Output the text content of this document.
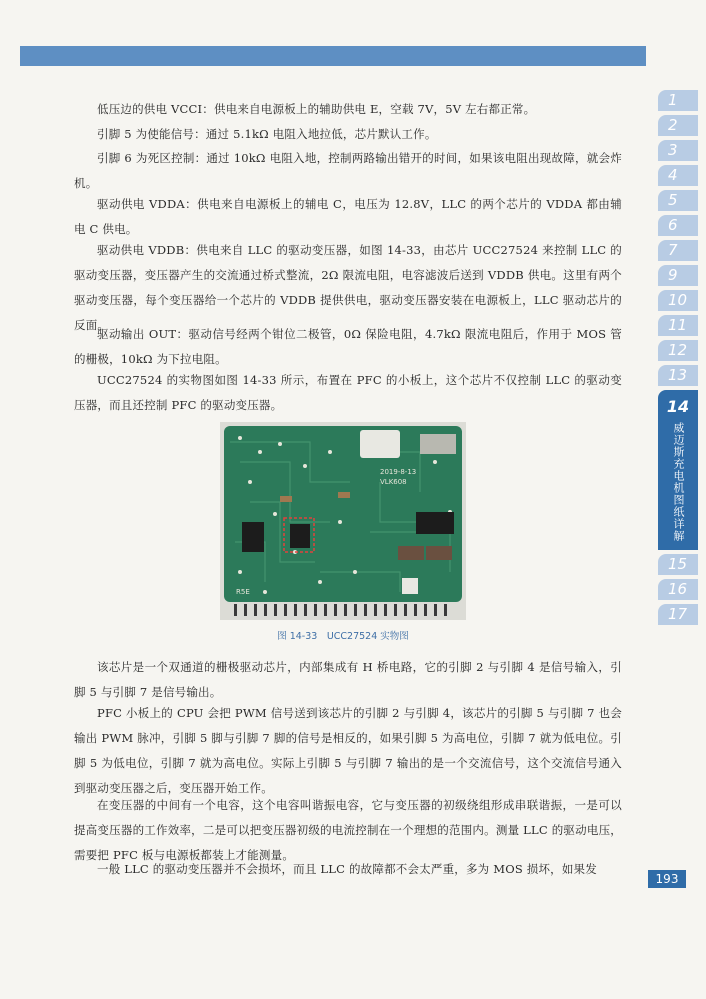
低压边的供电 VCCI：供电来自电源板上的辅助供电 E，空载 7V，5V 左右都正常。

引脚 5 为使能信号：通过 5.1kΩ 电阻入地拉低，芯片默认工作。

引脚 6 为死区控制：通过 10kΩ 电阻入地，控制两路输出错开的时间，如果该电阻出现故障，就会炸机。

驱动供电 VDDA：供电来自电源板上的辅电 C，电压为 12.8V，LLC 的两个芯片的 VDDA 都由辅电 C 供电。

驱动供电 VDDB：供电来自 LLC 的驱动变压器，如图 14-33，由芯片 UCC27524 来控制 LLC 的驱动变压器，变压器产生的交流通过桥式整流，2Ω 限流电阻，电容滤波后送到 VDDB 供电。这里有两个驱动变压器，每个变压器给一个芯片的 VDDB 提供供电，驱动变压器安装在电源板上，LLC 驱动芯片的反面。

驱动输出 OUT：驱动信号经两个钳位二极管，0Ω 保险电阻，4.7kΩ 限流电阻后，作用于 MOS 管的栅极，10kΩ 为下拉电阻。

UCC27524 的实物图如图 14-33 所示，布置在 PFC 的小板上，这个芯片不仅控制 LLC 的驱动变压器，而且还控制 PFC 的驱动变压器。

2019-8-13
VLK608
R5E
图 14-33　UCC27524 实物图

该芯片是一个双通道的栅极驱动芯片，内部集成有 H 桥电路，它的引脚 2 与引脚 4 是信号输入，引脚 5 与引脚 7 是信号输出。

PFC 小板上的 CPU 会把 PWM 信号送到该芯片的引脚 2 与引脚 4，该芯片的引脚 5 与引脚 7 也会输出 PWM 脉冲，引脚 5 脚与引脚 7 脚的信号是相反的，如果引脚 5 为高电位，引脚 7 就为低电位。引脚 5 为低电位，引脚 7 就为高电位。实际上引脚 5 与引脚 7 输出的是一个交流信号，这个交流信号通入到驱动变压器之后，变压器开始工作。

在变压器的中间有一个电容，这个电容叫谐振电容，它与变压器的初级绕组形成串联谐振，一是可以提高变压器的工作效率，二是可以把变压器初级的电流控制在一个理想的范围内。测量 LLC 的驱动电压，需要把 PFC 板与电源板都装上才能测量。

一般 LLC 的驱动变压器并不会损坏，而且 LLC 的故障都不会太严重，多为 MOS 损坏，如果发

1
2
3
4
5
6
7
9
10
11
12
13
14
威迈斯充电机图纸详解
15
16
17
193
